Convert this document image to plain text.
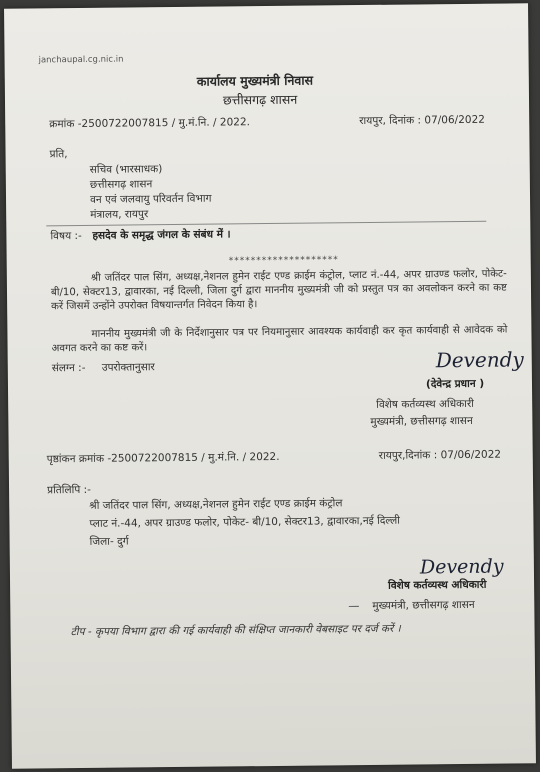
janchaupal.cg.nic.in
कार्यालय मुख्यमंत्री निवास
छत्तीसगढ़ शासन
क्रमांक -2500722007815 / मु.मं.नि. / 2022.	रायपुर, दिनांक : 07/06/2022
प्रति,
सचिव (भारसाधक)
छत्तीसगढ़ शासन
वन एवं जलवायु परिवर्तन विभाग
मंत्रालय, रायपुर
विषय :- हसदेव के समृद्ध जंगल के संबंध में ।
********************
श्री जतिंदर पाल सिंग, अध्यक्ष,नेशनल हुमेन राईट एण्ड क्राईम कंट्रोल, प्लाट नं.-44, अपर ग्राउण्ड फलोर, पोकेट- बी/10, सेक्टर13, द्वावारका, नई दिल्ली, जिला दुर्ग द्वारा माननीय मुख्यमंत्री जी को प्रस्तुत पत्र का अवलोकन करने का कष्ट करें जिसमें उन्होंने उपरोक्त विषयान्तर्गत निवेदन किया है।
माननीय मुख्यमंत्री जी के निर्देशानुसार पत्र पर नियमानुसार आवश्यक कार्यवाही कर कृत कार्यवाही से आवेदक को अवगत करने का कष्ट करें।
संलग्न :- उपरोक्तानुसार	Devendy
(देवेन्द्र प्रधान )
विशेष कर्तव्यस्थ अधिकारी
मुख्यमंत्री, छत्तीसगढ़ शासन
पृष्ठांकन क्रमांक -2500722007815 / मु.मं.नि. / 2022.	रायपुर,दिनांक : 07/06/2022
प्रतिलिपि :-
श्री जतिंदर पाल सिंग, अध्यक्ष,नेशनल हुमेन राईट एण्ड क्राईम कंट्रोल
प्लाट नं.-44, अपर ग्राउण्ड फलोर, पोकेट- बी/10, सेक्टर13, द्वावारका,नई दिल्ली
जिला- दुर्ग
Devendy
विशेष कर्तव्यस्थ अधिकारी
— मुख्यमंत्री, छत्तीसगढ़ शासन
टीप - कृपया विभाग द्वारा की गई कार्यवाही की संक्षिप्त जानकारी वेबसाइट पर दर्ज करें ।
